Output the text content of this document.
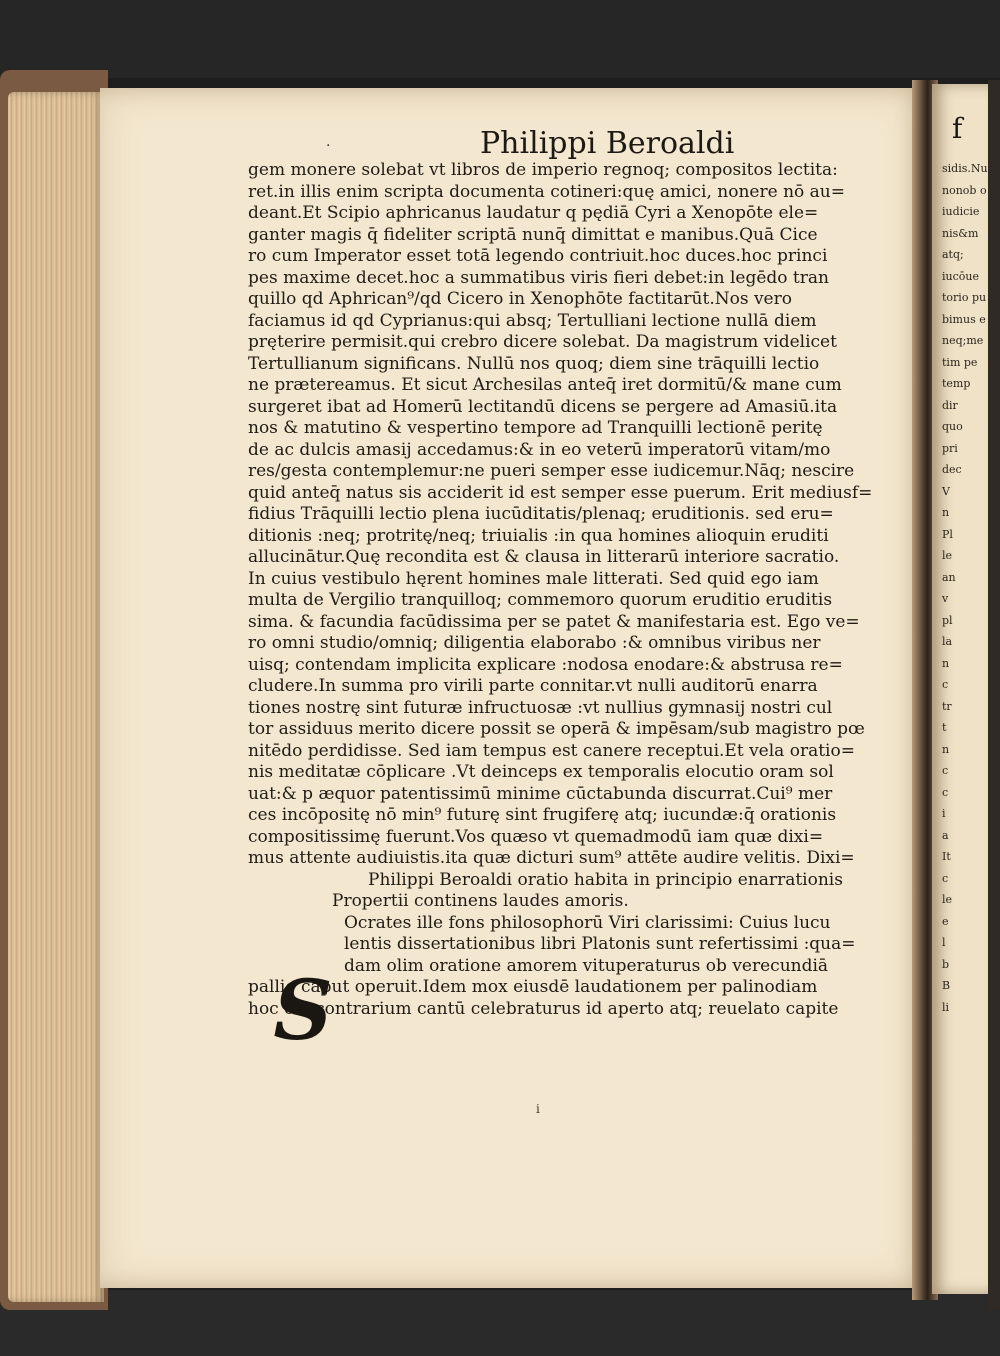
.	Philippi Beroaldi
gem monere solebat vt libros de imperio regnoq; compositos lectita:
ret.in illis enim scripta documenta cotineri:quę amici, nonere nō au=
deant.Et Scipio aphricanus laudatur q pędiā Cyri a Xenopōte ele=
ganter magis q̄ fideliter scriptā nunq̄ dimittat e manibus.Quā Cice
ro cum Imperator esset totā legendo contriuit.hoc duces.hoc princi
pes maxime decet.hoc a summatibus viris fieri debet:in legēdo tran
quillo qd Aphrican⁹/qd Cicero in Xenophōte factitarūt.Nos vero
faciamus id qd Cyprianus:qui absq; Tertulliani lectione nullā diem
pręterire permisit.qui crebro dicere solebat. Da magistrum videlicet
Tertullianum significans. Nullū nos quoq; diem sine trāquilli lectio
ne prætereamus. Et sicut Archesilas anteq̄ iret dormitū/& mane cum
surgeret ibat ad Homerū lectitandū dicens se pergere ad Amasiū.ita
nos & matutino & vespertino tempore ad Tranquilli lectionē peritę
de ac dulcis amasij accedamus:& in eo veterū imperatorū vitam/mo
res/gesta contemplemur:ne pueri semper esse iudicemur.Nāq; nescire
quid anteq̄ natus sis acciderit id est semper esse puerum. Erit mediusf=
fidius Trāquilli lectio plena iucūditatis/plenaq; eruditionis. sed eru=
ditionis :neq; protritę/neq; triuialis :in qua homines alioquin eruditi
allucinātur.Quę recondita est & clausa in litterarū interiore sacratio.
In cuius vestibulo hęrent homines male litterati. Sed quid ego iam
multa de Vergilio tranquilloq; commemoro quorum eruditio eruditis
sima. & facundia facūdissima per se patet & manifestaria est. Ego ve=
ro omni studio/omniq; diligentia elaborabo :& omnibus viribus ner
uisq; contendam implicita explicare :nodosa enodare:& abstrusa re=
cludere.In summa pro virili parte connitar.vt nulli auditorū enarra
tiones nostrę sint futuræ infructuosæ :vt nullius gymnasij nostri cul
tor assiduus merito dicere possit se operā & impēsam/sub magistro pœ
nitēdo perdidisse. Sed iam tempus est canere receptui.Et vela oratio=
nis meditatæ cōplicare .Vt deinceps ex temporalis elocutio oram sol
uat:& p æquor patentissimū minime cūctabunda discurrat.Cui⁹ mer
ces incōpositę nō min⁹ futurę sint frugiferę atq; iucundæ:q̄ orationis
compositissimę fuerunt.Vos quæso vt quemadmodū iam quæ dixi=
mus attente audiuistis.ita quæ dicturi sum⁹ attēte audire velitis. Dixi=
Philippi Beroaldi oratio habita in principio enarrationis
Propertii continens laudes amoris.
Ocrates ille fons philosophorū Viri clarissimi: Cuius lucu
lentis dissertationibus libri Platonis sunt refertissimi :qua=
dam olim oratione amorem vituperaturus ob verecundiā
pallio caput operuit.Idem mox eiusdē laudationem per palinodiam
hoc est contrarium cantū celebraturus id aperto atq; reuelato capite
S
i
f
sidis.Nu
nonob o
iudicie
nis&m
atq;
iucōue
torio pu
bimus e
neq;me
tim pe
temp
dir
quo
pri
dec
V
n
Pl
le
an
v
pl
la
n
c
tr
t
n
c
c
i
a
It
c
le
e
l
b
B
li
